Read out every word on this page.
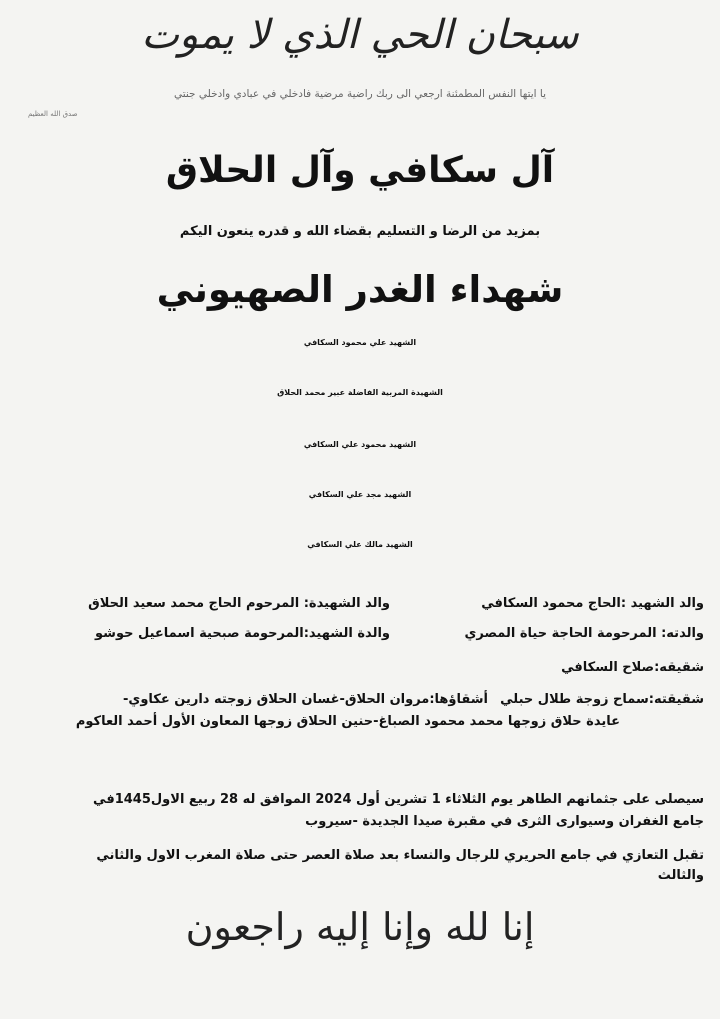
سبحان الحي الذي لا يموت
يا ايتها النفس المطمئنة ارجعي الى ربك راضية مرضية فادخلي في عبادي وادخلي جنتي
صدق الله العظيم
آل سكافي وآل الحلاق
بمزيد من الرضا و التسليم بقضاء الله و قدره ينعون اليكم
شهداء الغدر الصهيوني
الشهيد علي محمود السكافي
الشهيدة المربية الفاضلة عبير محمد الحلاق
الشهيد محمود علي السكافي
الشهيد مجد علي السكافي
الشهيد مالك علي السكافي
والد الشهيد :الحاج محمود السكافي
والد الشهيدة: المرحوم الحاج محمد سعيد الحلاق
والدته: المرحومة الحاجة حياة المصري
والدة الشهيد:المرحومة صبحية اسماعيل حوشو
شقيقه:صلاح السكافي
شقيقته:سماح زوجة طلال حبلي
أشقاؤها:مروان الحلاق-غسان الحلاق زوجته دارين عكاوي-
عايدة حلاق زوجها محمد محمود الصباغ-حنين الحلاق زوجها المعاون الأول أحمد العاكوم
سيصلى على جثمانهم الطاهر يوم الثلاثاء 1 تشرين أول 2024 الموافق له 28 ربيع الاول1445في
جامع الغفران وسيوارى الثرى في مقبرة صيدا الجديدة -سيروب
تقبل التعازي في جامع الحريري للرجال والنساء بعد صلاة العصر حتى صلاة المغرب الاول والثاني
والثالث
إنا لله وإنا إليه راجعون
